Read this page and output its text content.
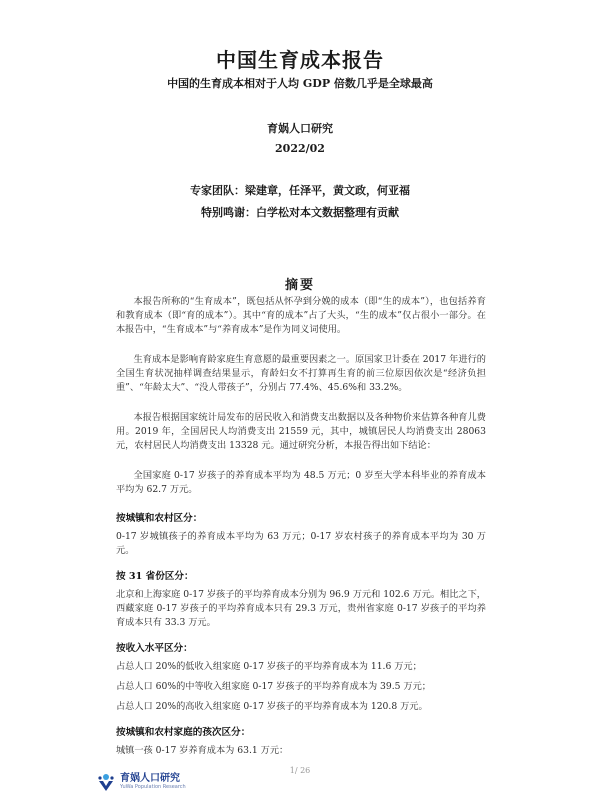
中国生育成本报告
中国的生育成本相对于人均 GDP 倍数几乎是全球最高
育娲人口研究
2022/02
专家团队：梁建章，任泽平，黄文政，何亚福
特别鸣谢：白学松对本文数据整理有贡献
摘要

本报告所称的“生育成本”，既包括从怀孕到分娩的成本（即“生的成本”），也包括养育和教育成本（即“育的成本”）。其中“育的成本”占了大头，“生的成本”仅占很小一部分。在本报告中，“生育成本”与“养育成本”是作为同义词使用。

生育成本是影响育龄家庭生育意愿的最重要因素之一。原国家卫计委在 2017 年进行的全国生育状况抽样调查结果显示，育龄妇女不打算再生育的前三位原因依次是“经济负担重”、“年龄太大”、“没人带孩子”，分别占 77.4%、45.6%和 33.2%。

本报告根据国家统计局发布的居民收入和消费支出数据以及各种物价来估算各种育儿费用。2019 年，全国居民人均消费支出 21559 元，其中，城镇居民人均消费支出 28063 元，农村居民人均消费支出 13328 元。通过研究分析，本报告得出如下结论：

全国家庭 0-17 岁孩子的养育成本平均为 48.5 万元；0 岁至大学本科毕业的养育成本平均为 62.7 万元。

按城镇和农村区分：

0-17 岁城镇孩子的养育成本平均为 63 万元；0-17 岁农村孩子的养育成本平均为 30 万元。

按 31 省份区分：

北京和上海家庭 0-17 岁孩子的平均养育成本分别为 96.9 万元和 102.6 万元。相比之下，西藏家庭 0-17 岁孩子的平均养育成本只有 29.3 万元，贵州省家庭 0-17 岁孩子的平均养育成本只有 33.3 万元。

按收入水平区分：

占总人口 20%的低收入组家庭 0-17 岁孩子的平均养育成本为 11.6 万元；

占总人口 60%的中等收入组家庭 0-17 岁孩子的平均养育成本为 39.5 万元；

占总人口 20%的高收入组家庭 0-17 岁孩子的平均养育成本为 120.8 万元。

按城镇和农村家庭的孩次区分：

城镇一孩 0-17 岁养育成本为 63.1 万元：

1/ 26
育娲人口研究
YuWa Population Research
